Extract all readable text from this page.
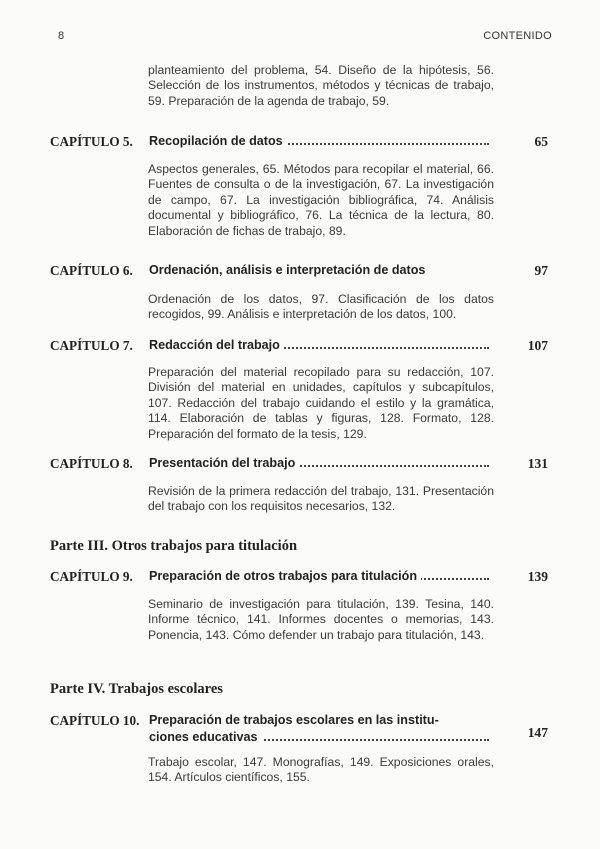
8	CONTENIDO
planteamiento del problema, 54. Diseño de la hipótesis, 56. Selección de los instrumentos, métodos y técnicas de trabajo, 59. Preparación de la agenda de trabajo, 59.
CAPÍTULO 5. Recopilación de datos	65
Aspectos generales, 65. Métodos para recopilar el material, 66. Fuentes de consulta o de la investigación, 67. La investigación de campo, 67. La investigación bibliográfica, 74. Análisis documental y bibliográfico, 76. La técnica de la lectura, 80. Elaboración de fichas de trabajo, 89.
CAPÍTULO 6. Ordenación, análisis e interpretación de datos	97
Ordenación de los datos, 97. Clasificación de los datos recogidos, 99. Análisis e interpretación de los datos, 100.
CAPÍTULO 7. Redacción del trabajo	107
Preparación del material recopilado para su redacción, 107. División del material en unidades, capítulos y subcapítulos, 107. Redacción del trabajo cuidando el estilo y la gramática, 114. Elaboración de tablas y figuras, 128. Formato, 128. Preparación del formato de la tesis, 129.
CAPÍTULO 8. Presentación del trabajo	131
Revisión de la primera redacción del trabajo, 131. Presentación del trabajo con los requisitos necesarios, 132.
Parte III. Otros trabajos para titulación
CAPÍTULO 9. Preparación de otros trabajos para titulación	139
Seminario de investigación para titulación, 139. Tesina, 140. Informe técnico, 141. Informes docentes o memorias, 143. Ponencia, 143. Cómo defender un trabajo para titulación, 143.
Parte IV. Trabajos escolares
CAPÍTULO 10. Preparación de trabajos escolares en las institu-
ciones educativas	147
Trabajo escolar, 147. Monografías, 149. Exposiciones orales, 154. Artículos científicos, 155.
